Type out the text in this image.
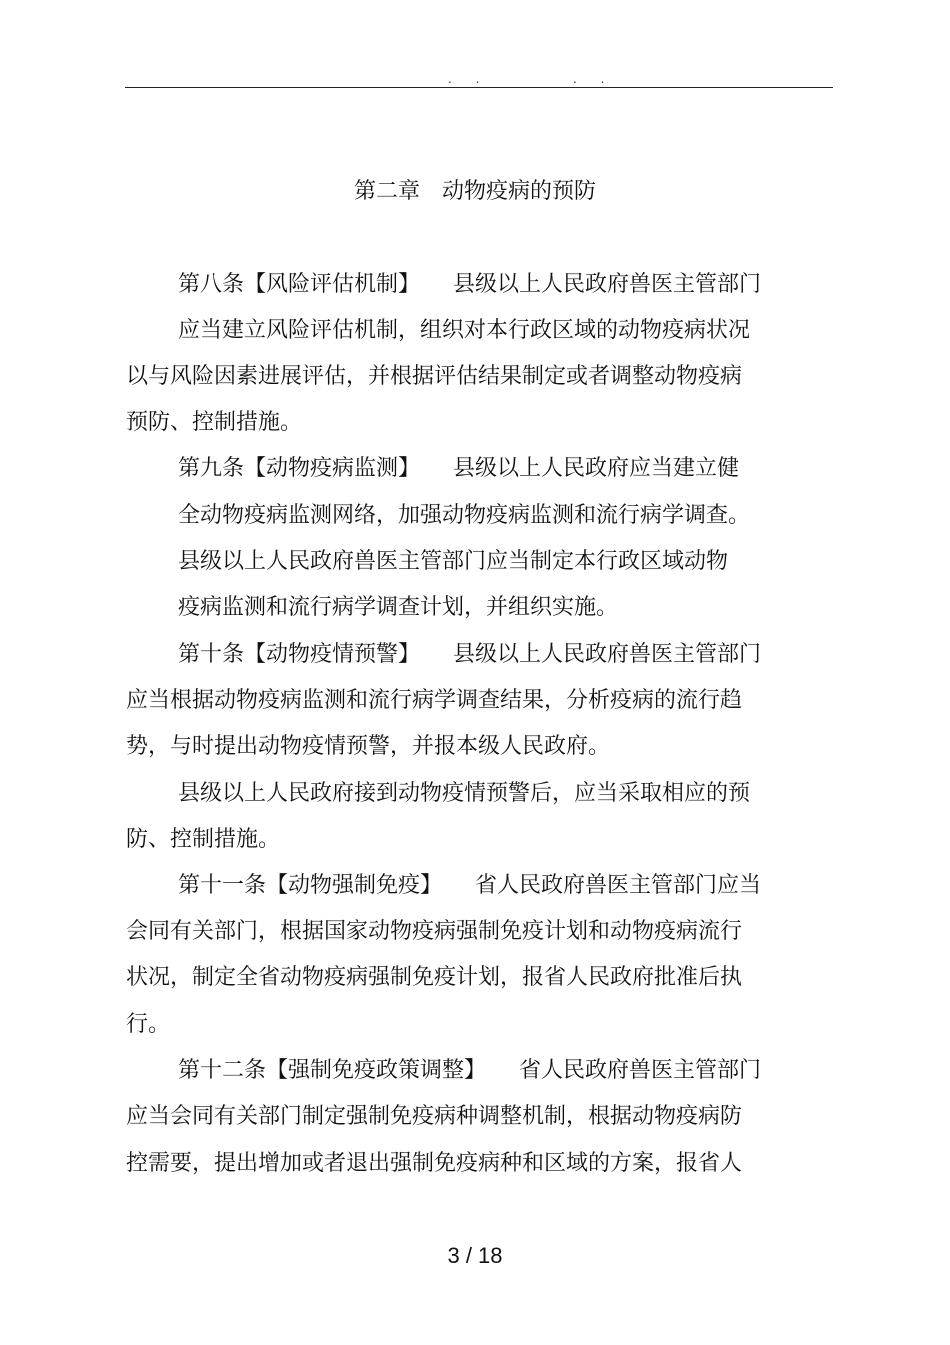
. .	. .
第二章　动物疫病的预防
第八条【风险评估机制】　　县级以上人民政府兽医主管部门
应当建立风险评估机制，组织对本行政区域的动物疫病状况
以与风险因素进展评估，并根据评估结果制定或者调整动物疫病
预防、控制措施。
第九条【动物疫病监测】　　县级以上人民政府应当建立健
全动物疫病监测网络，加强动物疫病监测和流行病学调查。
县级以上人民政府兽医主管部门应当制定本行政区域动物
疫病监测和流行病学调查计划，并组织实施。
第十条【动物疫情预警】　　县级以上人民政府兽医主管部门
应当根据动物疫病监测和流行病学调查结果，分析疫病的流行趋
势，与时提出动物疫情预警，并报本级人民政府。
县级以上人民政府接到动物疫情预警后，应当采取相应的预
防、控制措施。
第十一条【动物强制免疫】　　省人民政府兽医主管部门应当
会同有关部门，根据国家动物疫病强制免疫计划和动物疫病流行
状况，制定全省动物疫病强制免疫计划，报省人民政府批准后执
行。
第十二条【强制免疫政策调整】　　省人民政府兽医主管部门
应当会同有关部门制定强制免疫病种调整机制，根据动物疫病防
控需要，提出增加或者退出强制免疫病种和区域的方案，报省人
3 / 18
